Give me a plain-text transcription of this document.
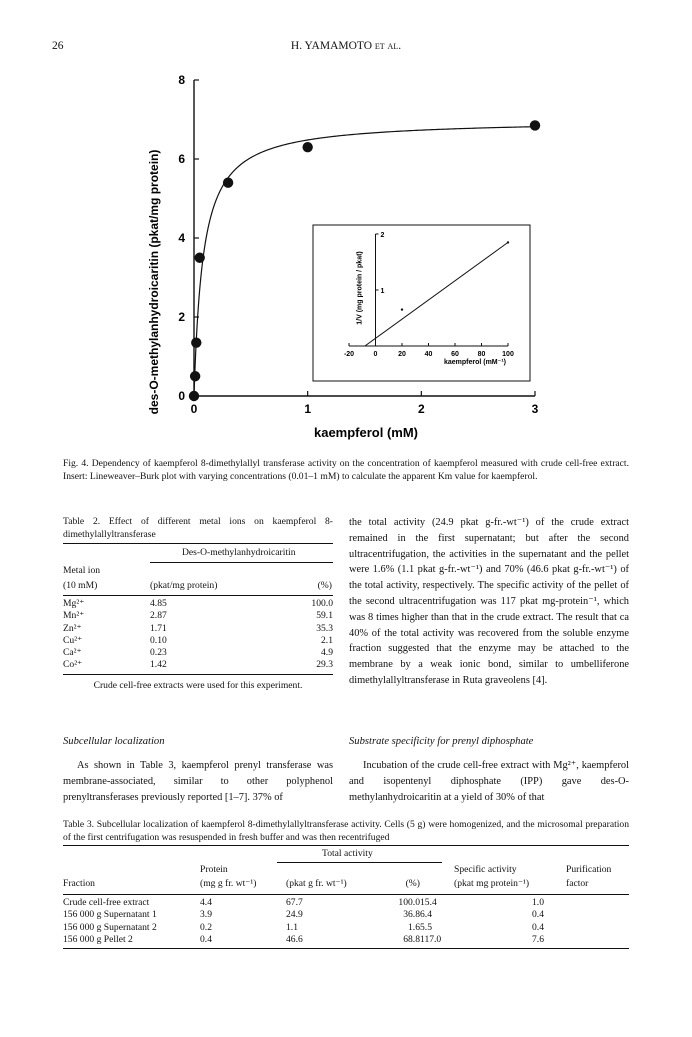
26	H. YAMAMOTO et al.
0	1	2	3
0
2
4
6
8
-20	0	20	40	60	80 100
1
2
kaempferol (mM⁻¹)
1/V (mg protein / pkat)
kaempferol (mM)
des-O-methylanhydroicaritin (pkat/mg protein)
Fig. 4. Dependency of kaempferol 8-dimethylallyl transferase activity on the concentration of kaempferol measured with crude cell-free extract. Insert: Lineweaver–Burk plot with varying concentrations (0.01–1 mM) to calculate the apparent Km value for kaempferol.
Table 2. Effect of different metal ions on kaempferol 8-dimethylallyltransferase
Des-O-methylanhydroicaritin
Metal ion
(10 mM)	(pkat/mg protein)	(%)
Mg²⁺	4.85	100.0
Mn²⁺	2.87	59.1
Zn²⁺	1.71	35.3
Cu²⁺	0.10	2.1
Ca²⁺	0.23	4.9
Co²⁺	1.42	29.3
Crude cell-free extracts were used for this experiment.
the total activity (24.9 pkat g-fr.-wt⁻¹) of the crude extract remained in the first supernatant; but after the second ultracentrifugation, the activities in the supernatant and the pellet were 1.6% (1.1 pkat g-fr.-wt⁻¹) and 70% (46.6 pkat g-fr.-wt⁻¹) of the total activity, respectively. The specific activity of the pellet of the second ultracentrifugation was 117 pkat mg-protein⁻¹, which was 8 times higher than that in the crude extract. The result that ca 40% of the total activity was recovered from the soluble enzyme fraction suggested that the enzyme may be attached to the membrane by a weak ionic bond, similar to umbelliferone dimethylallyltransferase in Ruta graveolens [4].
Subcellular localization
As shown in Table 3, kaempferol prenyl transferase was membrane-associated, similar to other polyphenol prenyltransferases previously reported [1–7]. 37% of
Substrate specificity for prenyl diphosphate
Incubation of the crude cell-free extract with Mg²⁺, kaempferol and isopentenyl diphosphate (IPP) gave des-O-methylanhydroicaritin at a yield of 30% of that
Table 3. Subcellular localization of kaempferol 8-dimethylallyltransferase activity. Cells (5 g) were homogenized, and the microsomal preparation of the first centrifugation was resuspended in fresh buffer and was then recentrifuged
Total activity
Protein	Specific activity	Purification
Fraction	(mg g fr. wt⁻¹)	(pkat g fr. wt⁻¹)	(%)	(pkat mg protein⁻¹)	factor
Crude cell-free extract	4.4	67.7	100.0	15.4	1.0
156 000 g Supernatant 1	3.9	24.9	36.8	6.4	0.4
156 000 g Supernatant 2	0.2	1.1	1.6	5.5	0.4
156 000 g Pellet 2	0.4	46.6	68.8	117.0	7.6
